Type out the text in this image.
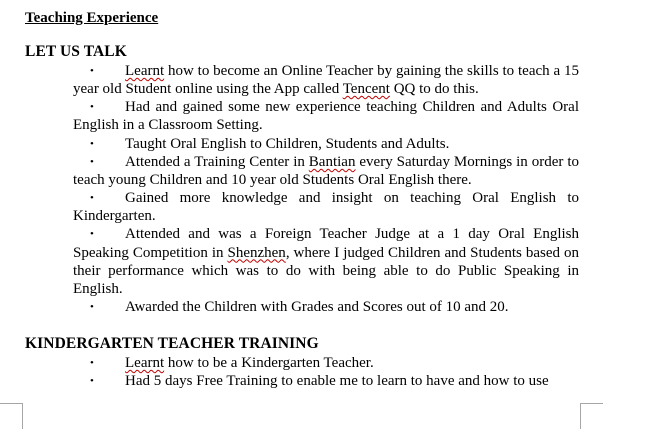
Teaching Experience

LET US TALK

• Learnt how to become an Online Teacher by gaining the skills to teach a 15 year old Student online using the App called Tencent QQ to do this.
• Had and gained some new experience teaching Children and Adults Oral English in a Classroom Setting.
• Taught Oral English to Children, Students and Adults.
• Attended a Training Center in Bantian every Saturday Mornings in order to teach young Children and 10 year old Students Oral English there.
• Gained more knowledge and insight on teaching Oral English to Kindergarten.
• Attended and was a Foreign Teacher Judge at a 1 day Oral English Speaking Competition in Shenzhen, where I judged Children and Students based on their performance which was to do with being able to do Public Speaking in English.
• Awarded the Children with Grades and Scores out of 10 and 20.

KINDERGARTEN TEACHER TRAINING

• Learnt how to be a Kindergarten Teacher.
• Had 5 days Free Training to enable me to learn to have and how to use
